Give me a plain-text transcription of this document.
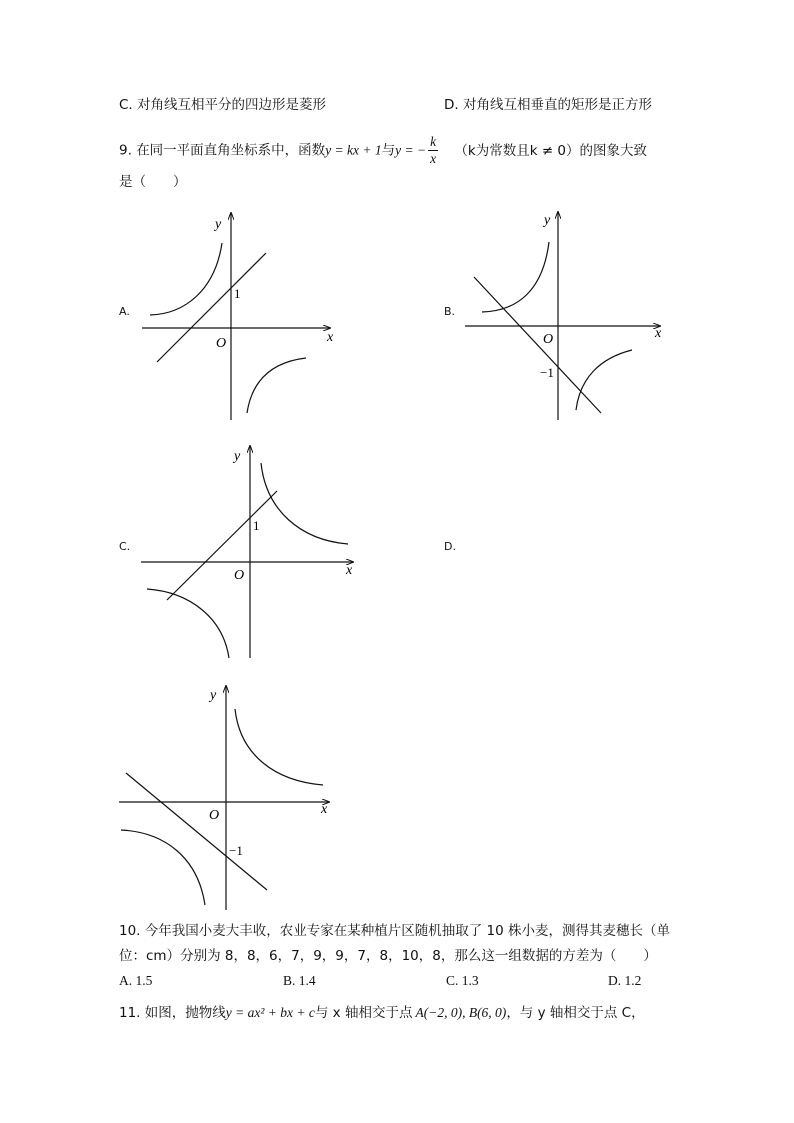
C. 对角线互相平分的四边形是菱形	D. 对角线互相垂直的矩形是正方形
9. 在同一平面直角坐标系中，函数y = kx + 1与y = − $\frac{k}{x} (k$为常数且k ≠ 0）的图象大致
是（　　）
A.	B.
C.	D.
y
x
O
1
y
x
O
−1
y
x
O
1
y
x
O
−1
10. 今年我国小麦大丰收，农业专家在某种植片区随机抽取了 10 株小麦，测得其麦穗长（单
位：cm）分别为 8，8，6，7，9，9，7，8，10，8，那么这一组数据的方差为（　　）
A. 1.5	B. 1.4	C. 1.3	D. 1.2
11. 如图，抛物线y = ax² + bx + c与 x 轴相交于点 A(−2, 0), B(6, 0)，与 y 轴相交于点 C，
